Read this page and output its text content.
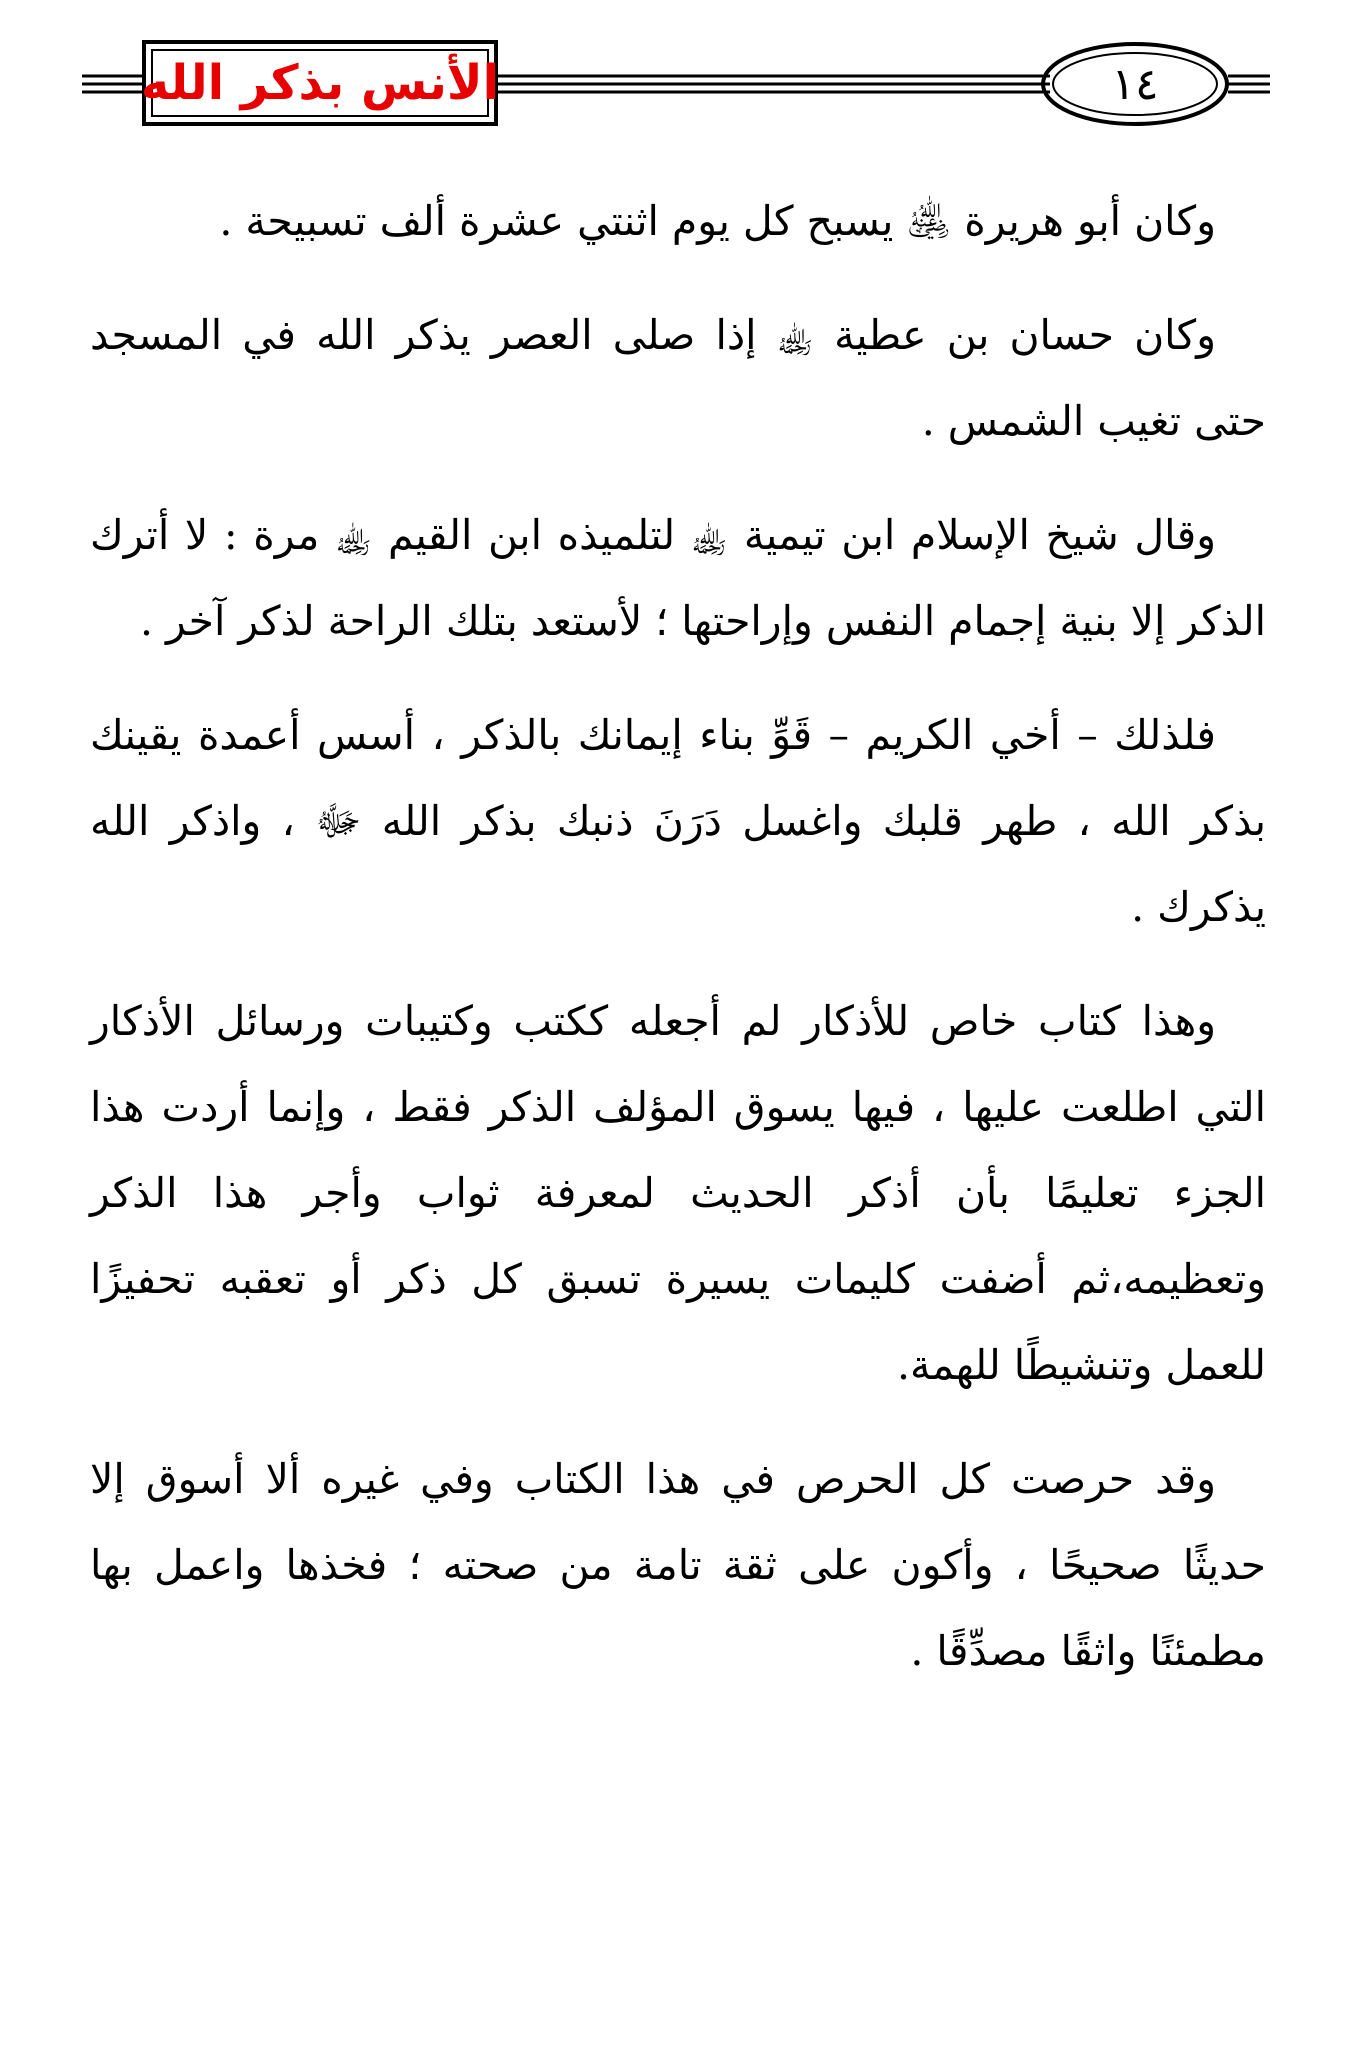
الأنس بذكر الله	١٤

وكان أبو هريرة ﵁ يسبح كل يوم اثنتي عشرة ألف تسبيحة .

وكان حسان بن عطية ﵀ إذا صلى العصر يذكر الله في المسجد حتى تغيب الشمس .

وقال شيخ الإسلام ابن تيمية ﵀ لتلميذه ابن القيم ﵀ مرة : لا أترك الذكر إلا بنية إجمام النفس وإراحتها ؛ لأستعد بتلك الراحة لذكر آخر .

فلذلك – أخي الكريم – قَوِّ بناء إيمانك بالذكر ، أسس أعمدة يقينك بذكر الله ، طهر قلبك واغسل دَرَنَ ذنبك بذكر الله ﷻ ، واذكر الله يذكرك .

وهذا كتاب خاص للأذكار لم أجعله ككتب وكتيبات ورسائل الأذكار التي اطلعت عليها ، فيها يسوق المؤلف الذكر فقط ، وإنما أردت هذا الجزء تعليمًا بأن أذكر الحديث لمعرفة ثواب وأجر هذا الذكر وتعظيمه،ثم أضفت كليمات يسيرة تسبق كل ذكر أو تعقبه تحفيزًا للعمل وتنشيطًا للهمة.

وقد حرصت كل الحرص في هذا الكتاب وفي غيره ألا أسوق إلا حديثًا صحيحًا ، وأكون على ثقة تامة من صحته ؛ فخذها واعمل بها مطمئنًا واثقًا مصدِّقًا .
